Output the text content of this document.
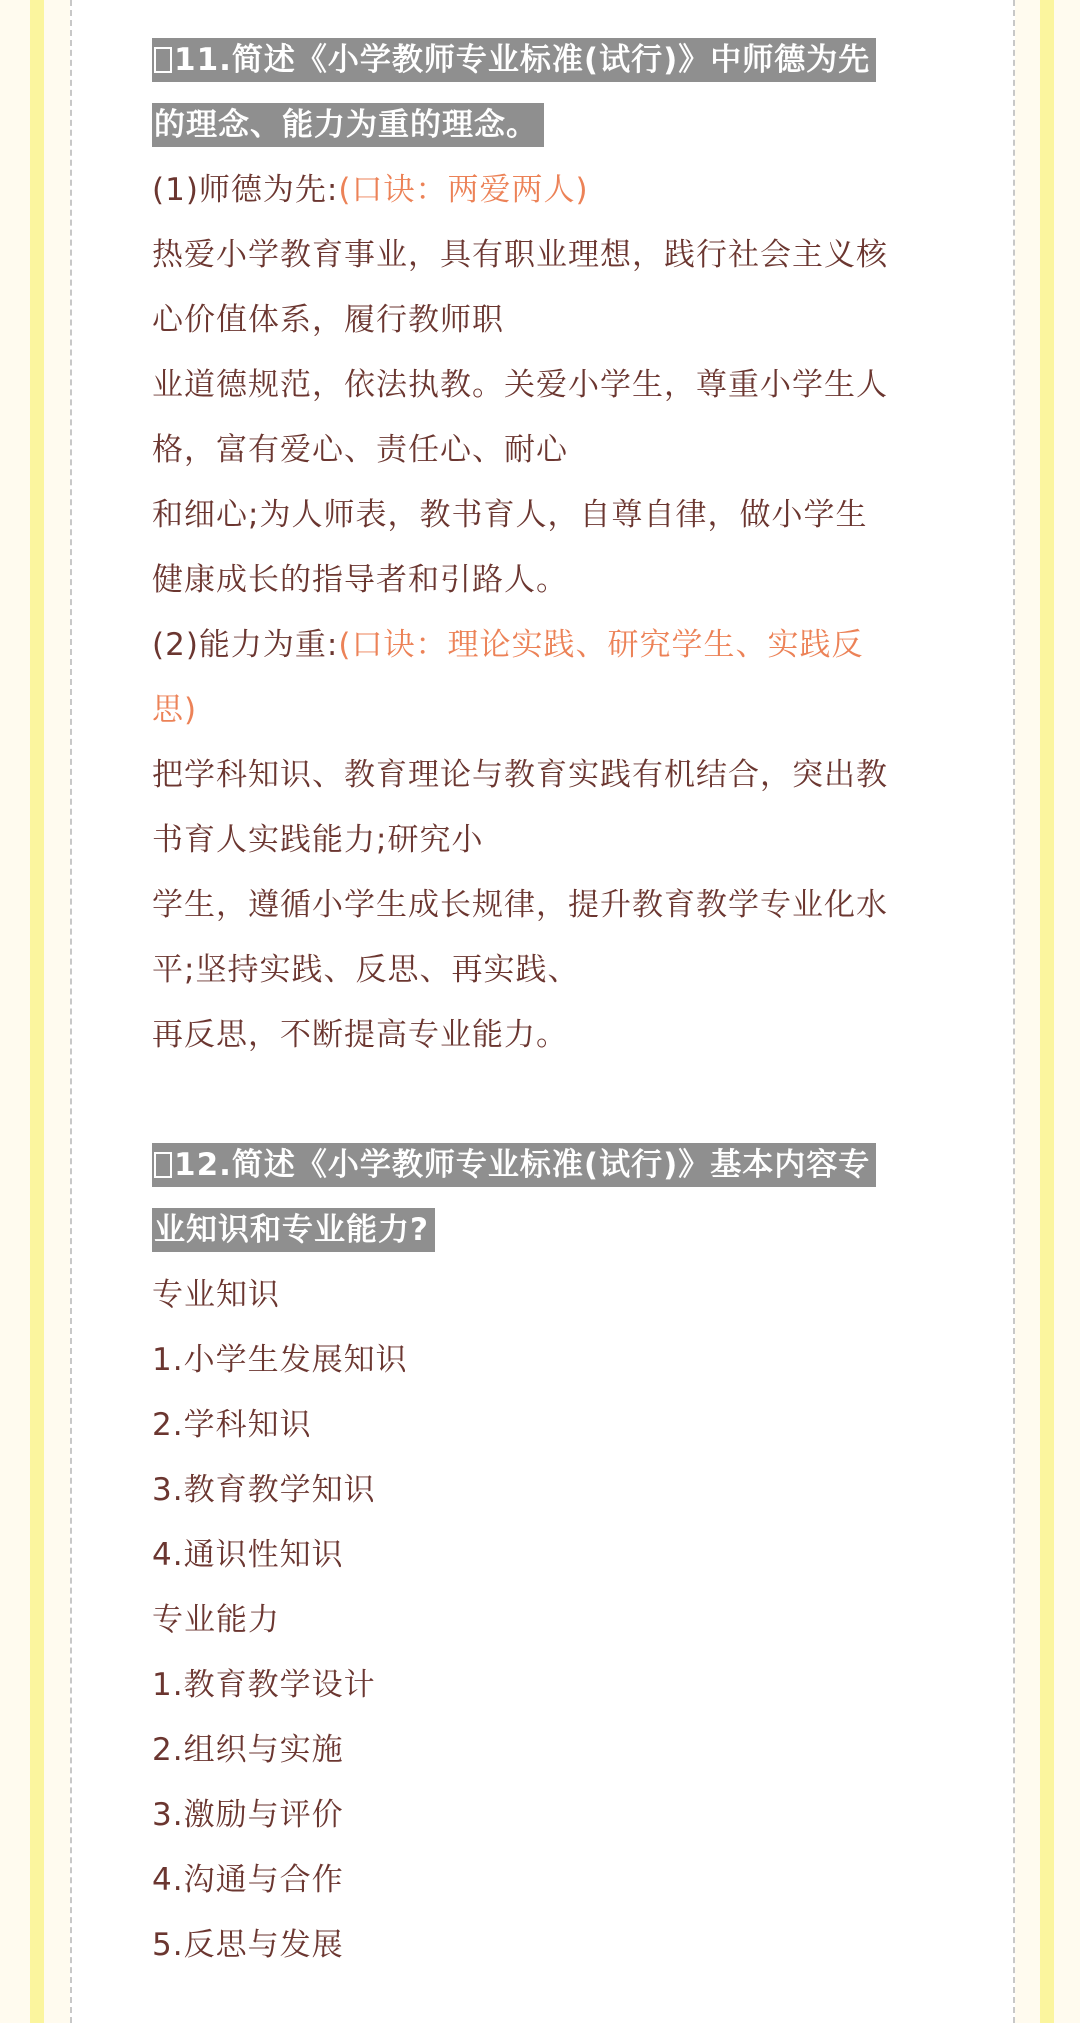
11.简述《小学教师专业标准(试行)》中师德为先
的理念、能力为重的理念。
(1)师德为先:(口诀：两爱两人)
热爱小学教育事业，具有职业理想，践行社会主义核
心价值体系，履行教师职
业道德规范，依法执教。关爱小学生，尊重小学生人
格，富有爱心、责任心、耐心
和细心;为人师表，教书育人，自尊自律，做小学生
健康成长的指导者和引路人。
(2)能力为重:(口诀：理论实践、研究学生、实践反
思)
把学科知识、教育理论与教育实践有机结合，突出教
书育人实践能力;研究小
学生，遵循小学生成长规律，提升教育教学专业化水
平;坚持实践、反思、再实践、
再反思，不断提高专业能力。
12.简述《小学教师专业标准(试行)》基本内容专
业知识和专业能力?
专业知识
1.小学生发展知识
2.学科知识
3.教育教学知识
4.通识性知识
专业能力
1.教育教学设计
2.组织与实施
3.激励与评价
4.沟通与合作
5.反思与发展
